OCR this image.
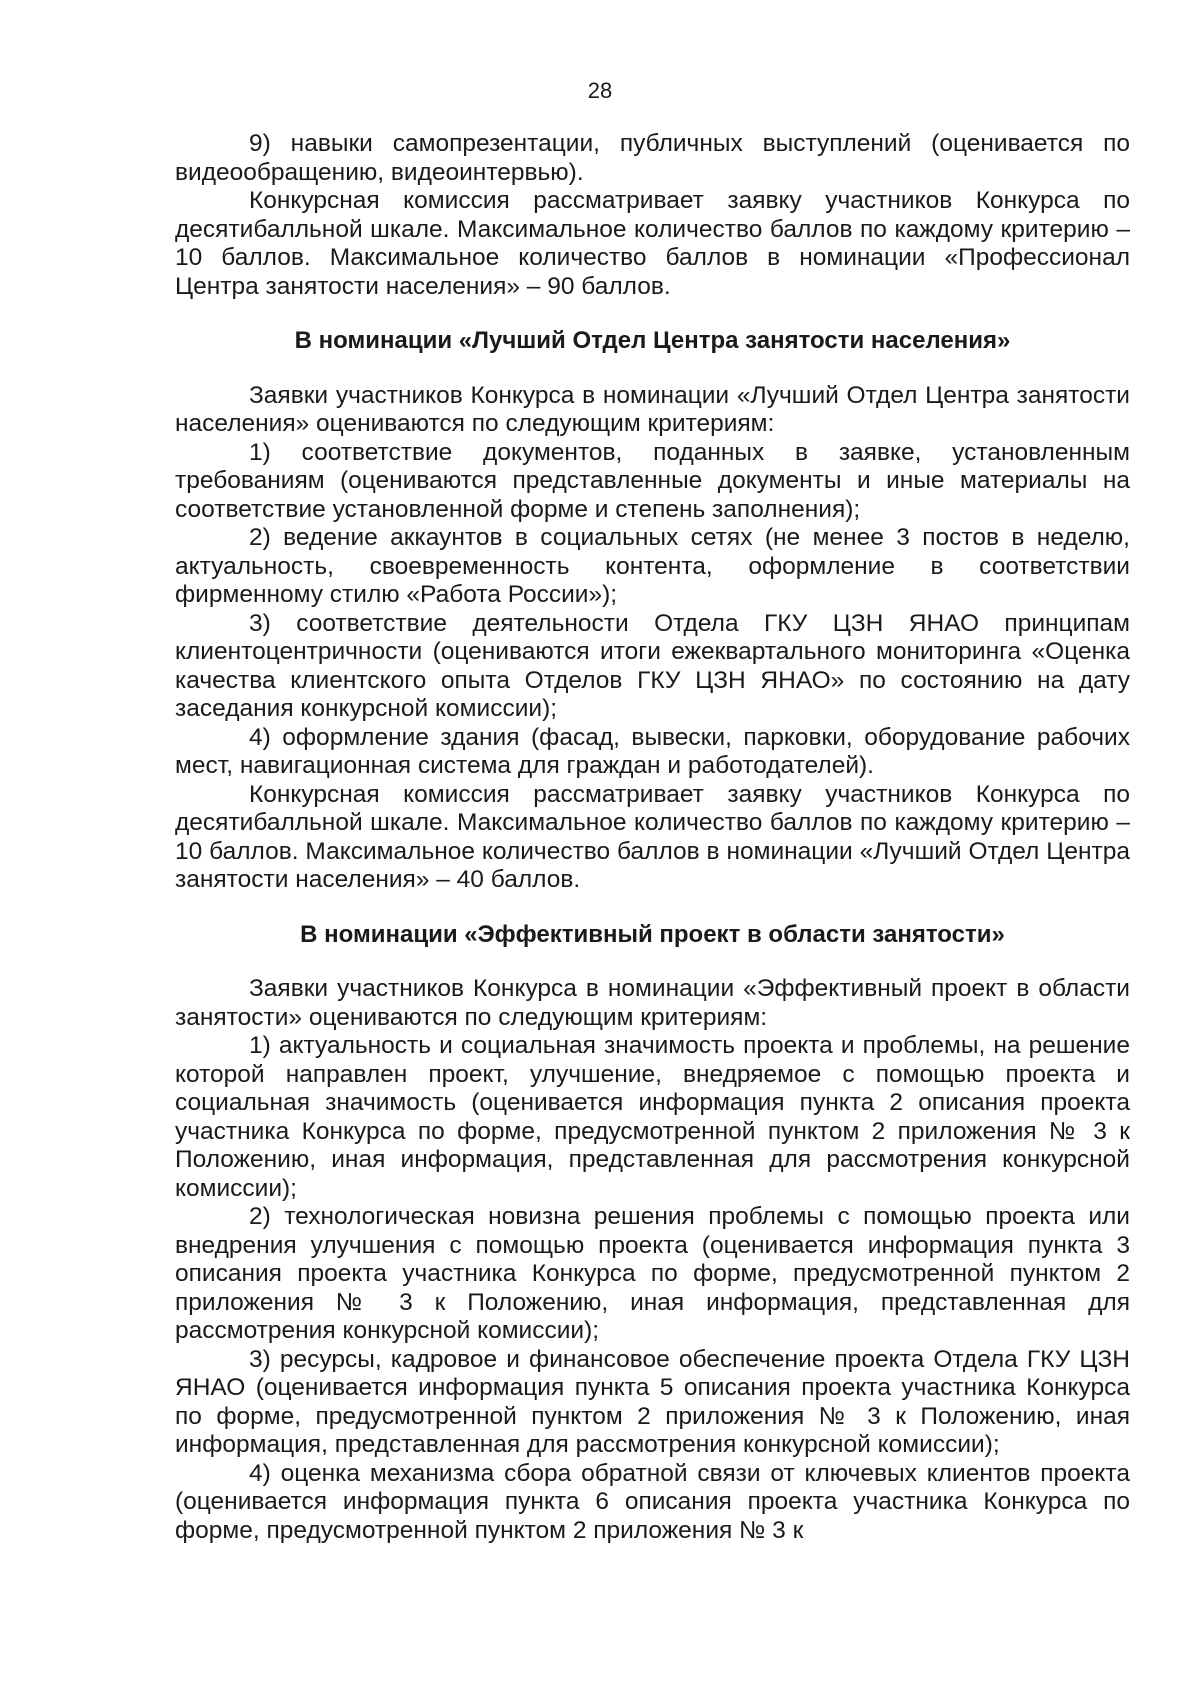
28

9) навыки самопрезентации, публичных выступлений (оценивается по видеообращению, видеоинтервью).

Конкурсная комиссия рассматривает заявку участников Конкурса по десятибалльной шкале. Максимальное количество баллов по каждому критерию – 10 баллов. Максимальное количество баллов в номинации «Профессионал Центра занятости населения» – 90 баллов.

В номинации «Лучший Отдел Центра занятости населения»

Заявки участников Конкурса в номинации «Лучший Отдел Центра занятости населения» оцениваются по следующим критериям:

1) соответствие документов, поданных в заявке, установленным требованиям (оцениваются представленные документы и иные материалы на соответствие установленной форме и степень заполнения);

2) ведение аккаунтов в социальных сетях (не менее 3 постов в неделю, актуальность, своевременность контента, оформление в соответствии фирменному стилю «Работа России»);

3) соответствие деятельности Отдела ГКУ ЦЗН ЯНАО принципам клиентоцентричности (оцениваются итоги ежеквартального мониторинга «Оценка качества клиентского опыта Отделов ГКУ ЦЗН ЯНАО» по состоянию на дату заседания конкурсной комиссии);

4) оформление здания (фасад, вывески, парковки, оборудование рабочих мест, навигационная система для граждан и работодателей).

Конкурсная комиссия рассматривает заявку участников Конкурса по десятибалльной шкале. Максимальное количество баллов по каждому критерию – 10 баллов. Максимальное количество баллов в номинации «Лучший Отдел Центра занятости населения» – 40 баллов.

В номинации «Эффективный проект в области занятости»

Заявки участников Конкурса в номинации «Эффективный проект в области занятости» оцениваются по следующим критериям:

1) актуальность и социальная значимость проекта и проблемы, на решение которой направлен проект, улучшение, внедряемое с помощью проекта и социальная значимость (оценивается информация пункта 2 описания проекта участника Конкурса по форме, предусмотренной пунктом 2 приложения № 3 к Положению, иная информация, представленная для рассмотрения конкурсной комиссии);

2) технологическая новизна решения проблемы с помощью проекта или внедрения улучшения с помощью проекта (оценивается информация пункта 3 описания проекта участника Конкурса по форме, предусмотренной пунктом 2 приложения № 3 к Положению, иная информация, представленная для рассмотрения конкурсной комиссии);

3) ресурсы, кадровое и финансовое обеспечение проекта Отдела ГКУ ЦЗН ЯНАО (оценивается информация пункта 5 описания проекта участника Конкурса по форме, предусмотренной пунктом 2 приложения № 3 к Положению, иная информация, представленная для рассмотрения конкурсной комиссии);

4) оценка механизма сбора обратной связи от ключевых клиентов проекта (оценивается информация пункта 6 описания проекта участника Конкурса по форме, предусмотренной пунктом 2 приложения № 3 к
